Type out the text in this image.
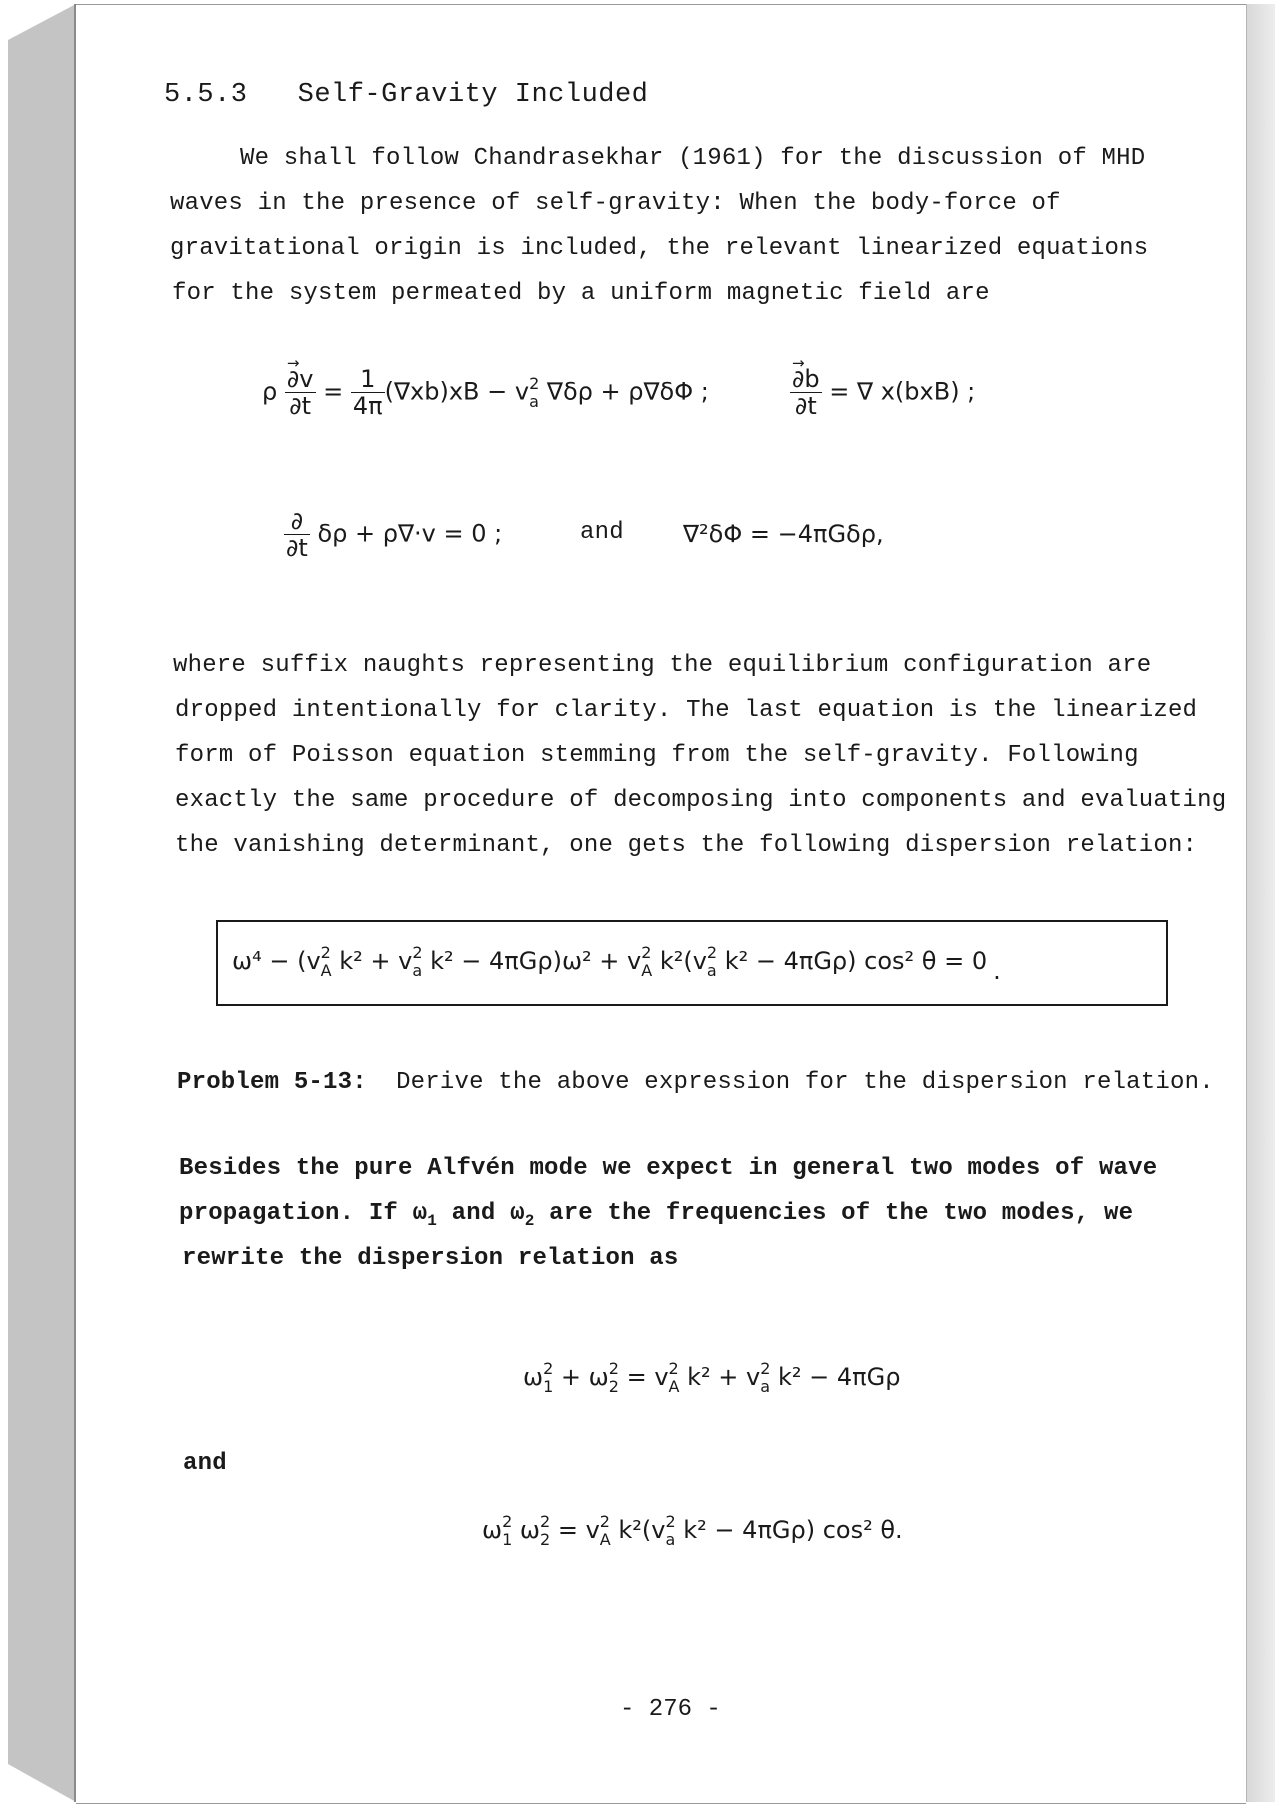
5.5.3 Self-Gravity Included
We shall follow Chandrasekhar (1961) for the discussion of MHD
waves in the presence of self-gravity: When the body-force of
gravitational origin is included, the relevant linearized equations
for the system permeated by a uniform magnetic field are
$\rho \to \frac{\partial v}{\partial t} = \frac{1}{4\pi} (\nabla xb)xB - v$ 2
a ∇δρ + ρ∇δΦ ;	→ $\frac{\partial b}{\partial t}$ = ∇ x(bxB) ;
$\frac{\partial}{\partial t}$ δρ + ρ∇·v = 0 ;	and ∇²δΦ = −4πGδρ,
where suffix naughts representing the equilibrium configuration are
dropped intentionally for clarity. The last equation is the linearized
form of Poisson equation stemming from the self-gravity. Following
exactly the same procedure of decomposing into components and evaluating
the vanishing determinant, one gets the following dispersion relation:
ω⁴ − (v 2
A k² + v 2
a k² − 4πGρ)ω² + v 2
A k²(v 2
a k² − 4πGρ) cos² θ = 0 .
Problem 5-13: Derive the above expression for the dispersion relation.
Besides the pure Alfvén mode we expect in general two modes of wave
propagation. If $\omega_1$ and $\omega_2$ are the frequencies of the two modes, we
rewrite the dispersion relation as
ω 2
1 + ω 2
2 = v 2
A k² + v 2
a k² − 4πGρ
and
ω 2
1 ω 2
2 = v 2
A k²(v 2
a k² − 4πGρ) cos² θ.
- 276 -
